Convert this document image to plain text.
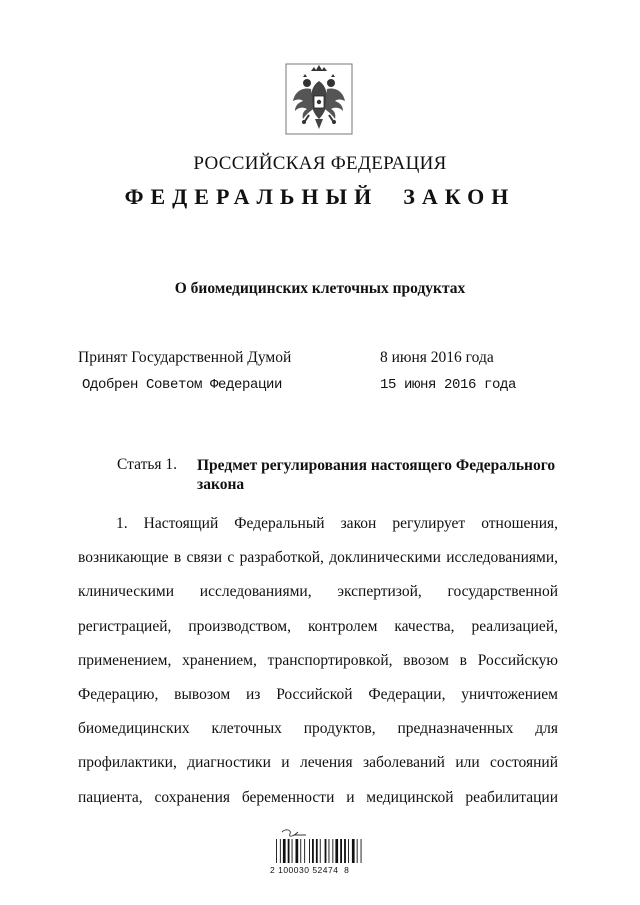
РОССИЙСКАЯ ФЕДЕРАЦИЯ
ФЕДЕРАЛЬНЫЙ  ЗАКОН
О биомедицинских клеточных продуктах
Принят Государственной Думой	8 июня 2016 года
Одобрен Советом Федерации	15 июня 2016 года
Статья 1. Предмет регулирования настоящего Федерального закона
1. Настоящий Федеральный закон регулирует отношения,
возникающие в связи с разработкой, доклиническими исследованиями,
клиническими исследованиями, экспертизой, государственной
регистрацией, производством, контролем качества, реализацией,
применением, хранением, транспортировкой, ввозом в Российскую
Федерацию, вывозом из Российской Федерации, уничтожением
биомедицинских клеточных продуктов, предназначенных для
профилактики, диагностики и лечения заболеваний или состояний
пациента, сохранения беременности и медицинской реабилитации
2 100030 52474  8
